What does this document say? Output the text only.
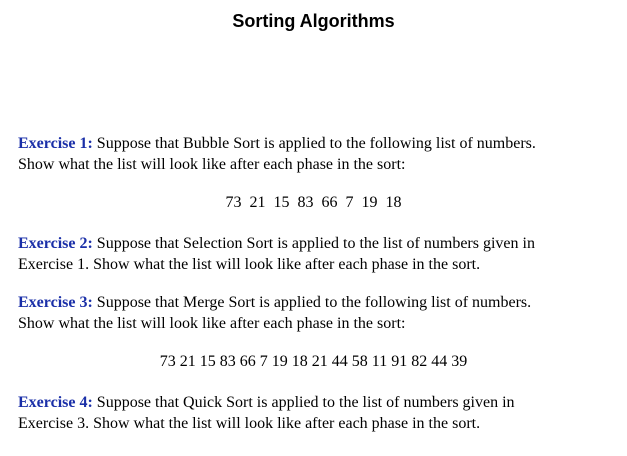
Sorting Algorithms
Exercise 1: Suppose that Bubble Sort is applied to the following list of numbers.
Show what the list will look like after each phase in the sort:
73  21  15  83  66  7  19  18
Exercise 2: Suppose that Selection Sort is applied to the list of numbers given in
Exercise 1. Show what the list will look like after each phase in the sort.
Exercise 3: Suppose that Merge Sort is applied to the following list of numbers.
Show what the list will look like after each phase in the sort:
73 21 15 83 66 7 19 18 21 44 58 11 91 82 44 39
Exercise 4: Suppose that Quick Sort is applied to the list of numbers given in
Exercise 3. Show what the list will look like after each phase in the sort.
